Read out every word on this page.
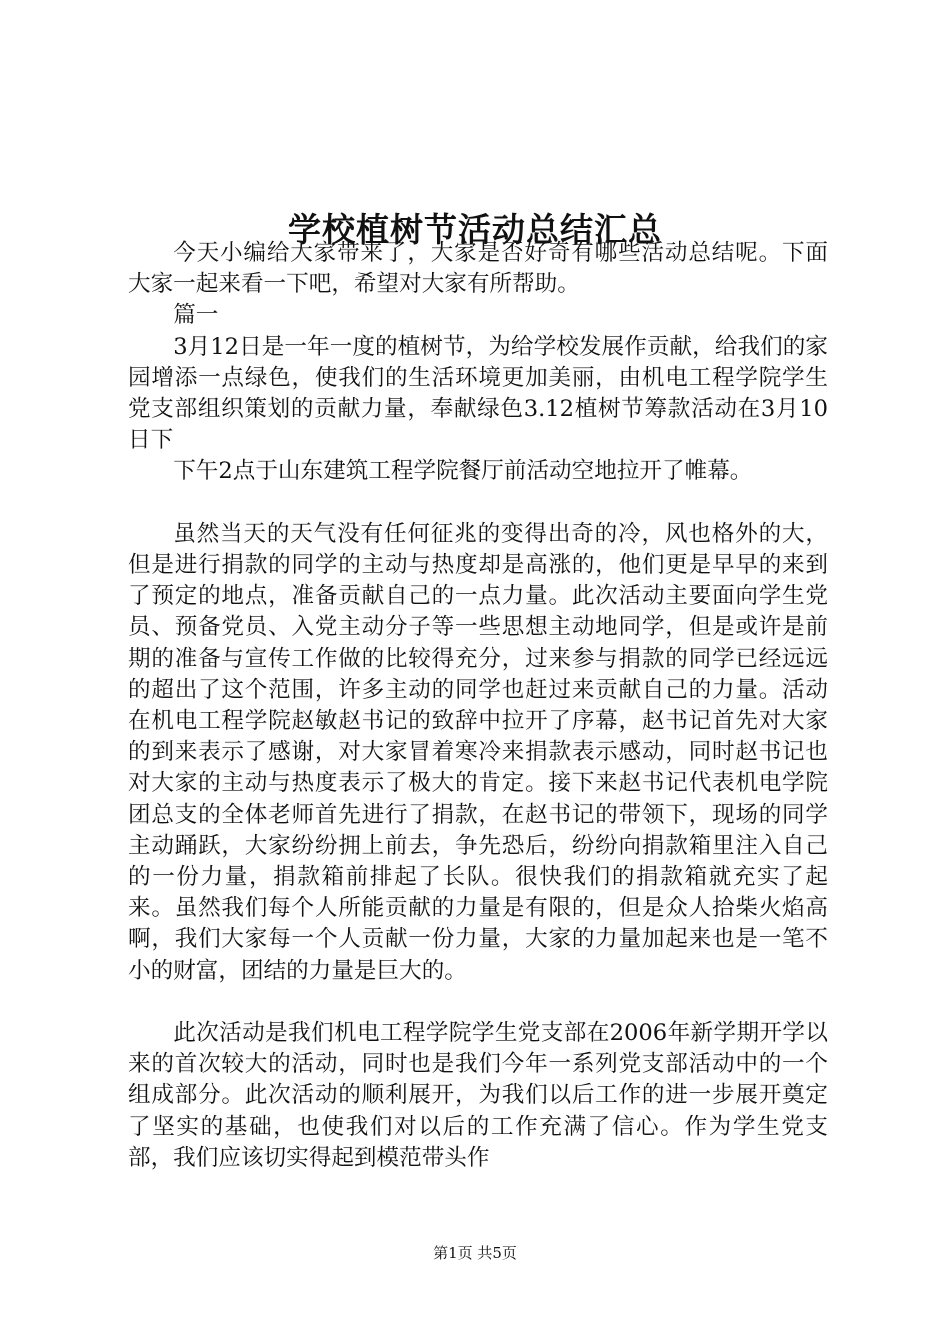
学校植树节活动总结汇总

今天小编给大家带来了，大家是否好奇有哪些活动总结呢。下面大家一起来看一下吧，希望对大家有所帮助。

篇一

3月12日是一年一度的植树节，为给学校发展作贡献，给我们的家园增添一点绿色，使我们的生活环境更加美丽，由机电工程学院学生党支部组织策划的贡献力量，奉献绿色3.12植树节筹款活动在3月10日下

下午2点于山东建筑工程学院餐厅前活动空地拉开了帷幕。

虽然当天的天气没有任何征兆的变得出奇的冷，风也格外的大，但是进行捐款的同学的主动与热度却是高涨的，他们更是早早的来到了预定的地点，准备贡献自己的一点力量。此次活动主要面向学生党员、预备党员、入党主动分子等一些思想主动地同学，但是或许是前期的准备与宣传工作做的比较得充分，过来参与捐款的同学已经远远的超出了这个范围，许多主动的同学也赶过来贡献自己的力量。活动在机电工程学院赵敏赵书记的致辞中拉开了序幕，赵书记首先对大家的到来表示了感谢，对大家冒着寒冷来捐款表示感动，同时赵书记也对大家的主动与热度表示了极大的肯定。接下来赵书记代表机电学院团总支的全体老师首先进行了捐款，在赵书记的带领下，现场的同学主动踊跃，大家纷纷拥上前去，争先恐后，纷纷向捐款箱里注入自己的一份力量，捐款箱前排起了长队。很快我们的捐款箱就充实了起来。虽然我们每个人所能贡献的力量是有限的，但是众人拾柴火焰高啊，我们大家每一个人贡献一份力量，大家的力量加起来也是一笔不小的财富，团结的力量是巨大的。

此次活动是我们机电工程学院学生党支部在2006年新学期开学以来的首次较大的活动，同时也是我们今年一系列党支部活动中的一个组成部分。此次活动的顺利展开，为我们以后工作的进一步展开奠定了坚实的基础，也使我们对以后的工作充满了信心。作为学生党支部，我们应该切实得起到模范带头作

第1页 共5页
